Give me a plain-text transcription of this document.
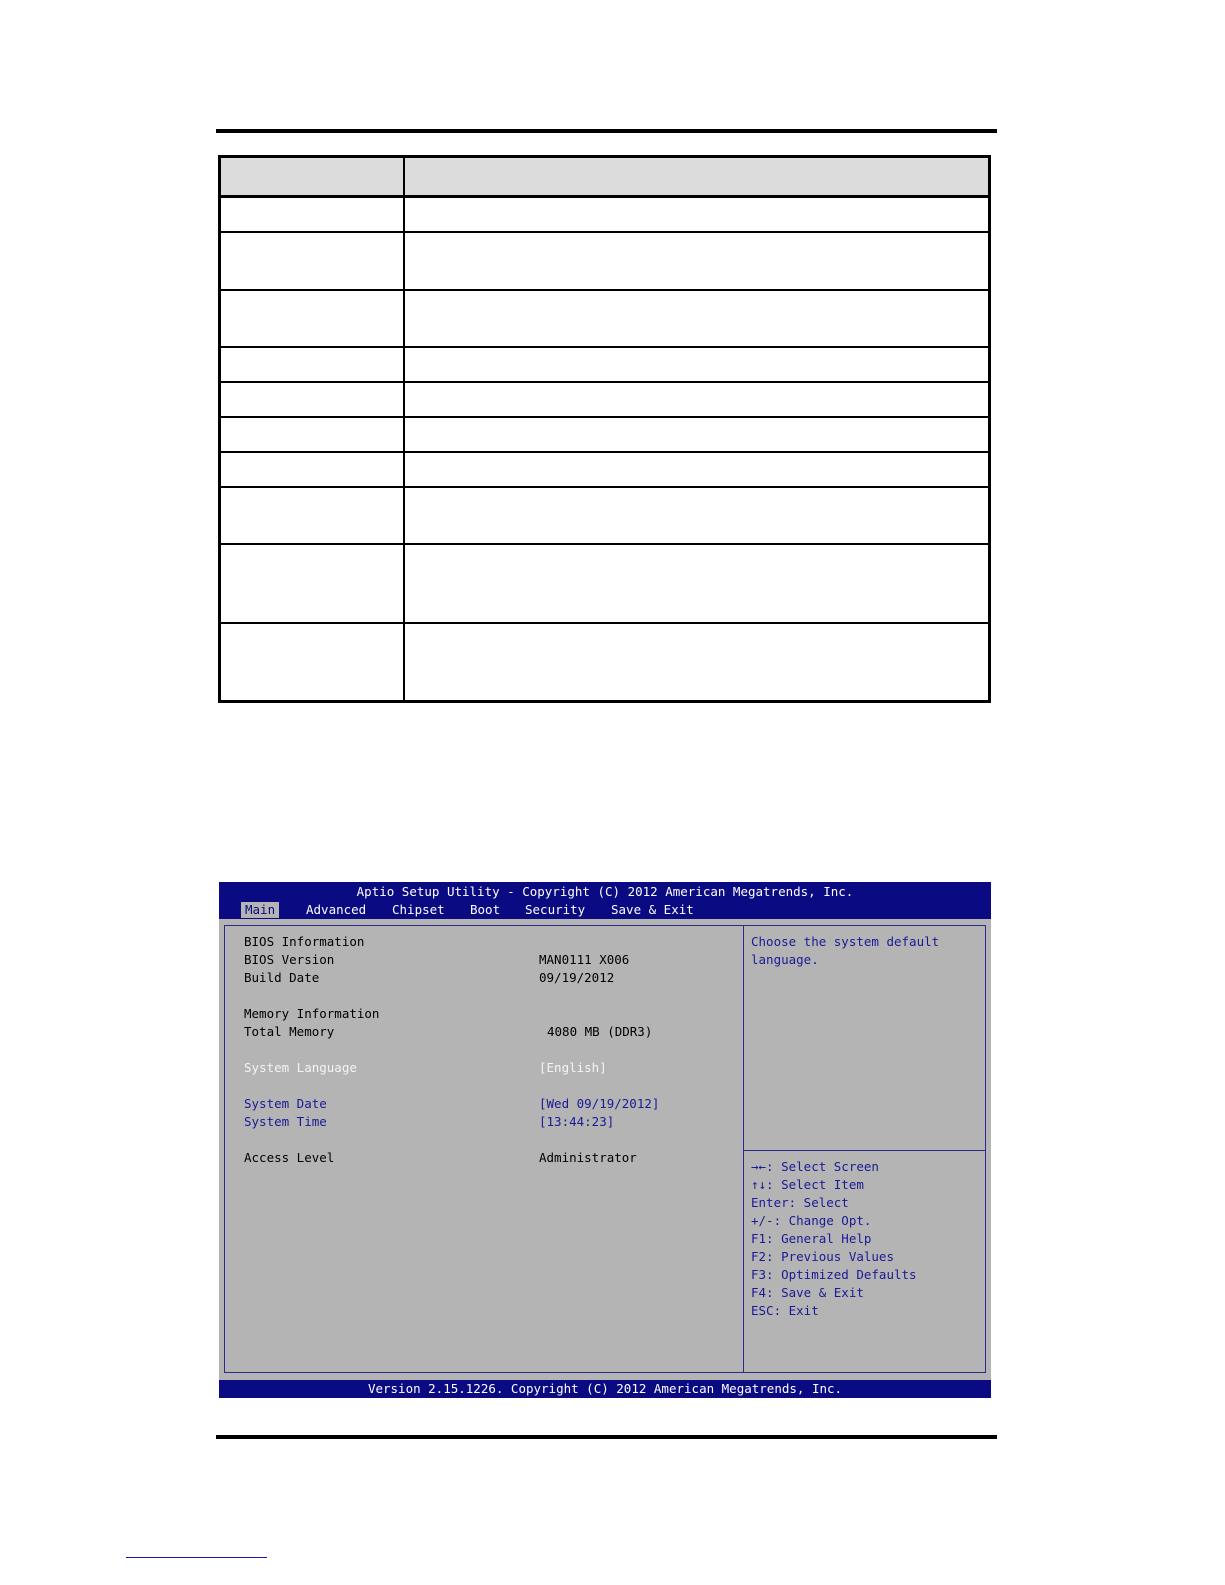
Aptio Setup Utility - Copyright (C) 2012 American Megatrends, Inc.
Main	Advanced	Chipset	Boot	Security	Save & Exit
BIOS Information
BIOS Version	MAN0111 X006
Build Date	09/19/2012
Memory Information
Total Memory	4080 MB (DDR3)
System Language	[English]
System Date	[Wed 09/19/2012]
System Time	[13:44:23]
Access Level	Administrator
Choose the system default
language.
→←: Select Screen
↑↓: Select Item
Enter: Select
+/-: Change Opt.
F1: General Help
F2: Previous Values
F3: Optimized Defaults
F4: Save & Exit
ESC: Exit
Version 2.15.1226. Copyright (C) 2012 American Megatrends, Inc.
